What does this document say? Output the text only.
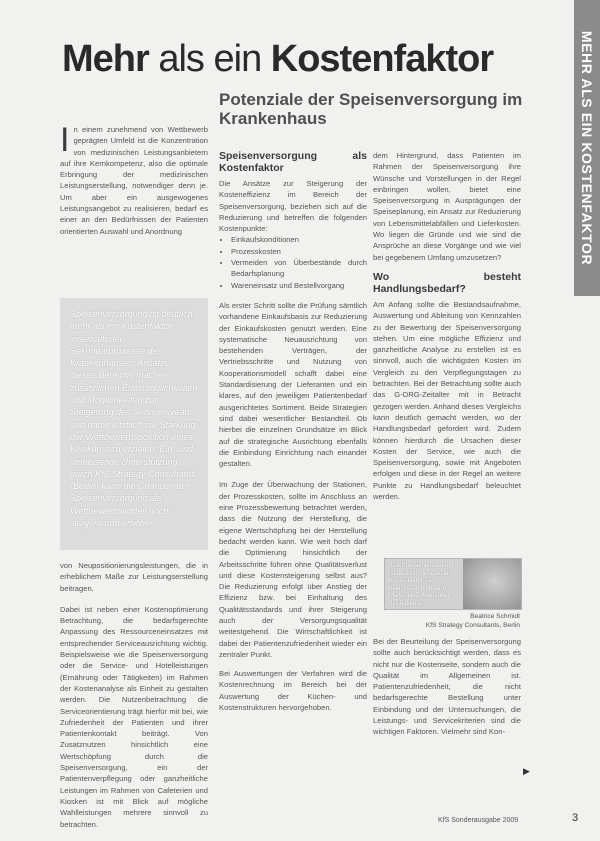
MEHR ALS EIN KOSTENFAKTOR
Mehr als ein Kostenfaktor
Potenziale der Speisenversorgung im Krankenhaus

In einem zunehmend von Wettbewerb geprägten Umfeld ist die Konzentration von medizinischen Leistungsanbietern auf ihre Kernkompetenz, also die optimale Erbringung der medizinischen Leistungserstellung, notwendiger denn je. Um aber ein ausgewogenes Leistungsangebot zu realisieren, bedarf es einer an den Bedürfnissen der Patienten orientierten Auswahl und Anordnung

Speisenversorgung ist deutlich mehr als ein Kostenfaktor innerhalb der Sekundärprozesse des Krankenhauses. Ansätze dieses Bereichs machen zusätzlichen Erlösmöglichkeiten und Möglichkeiten zur Steigerung des Serviceniveaus und damit letztlich zur Stärkung der Wettbewerbsposition eines Klinikums zu erzielen. Ein- und umfassende Unterstützung durch KfS Strategy Consultants (Berlin) kann die Chancen der Speisenversorgung als Wettbewerbsvorteil noch steigern und erhöhen.

von Neupositionierungsleistungen, die in erheblichem Maße zur Leistungserstellung beitragen.

Dabei ist neben einer Kostenoptimierung Betrachtung, die bedarfsgerechte Anpassung des Ressourceneinsatzes mit entsprechender Serviceausrichtung wichtig. Beispielsweise wie die Speisenversorgung oder die Service- und Hotelleistungen (Ernährung oder Tätigkeiten) im Rahmen der Kostenanalyse als Einheit zu gestalten werden. Die Nutzenbetrachtung die Serviceorientierung trägt hierfür mit bei, wie Zufriedenheit der Patienten und ihrer Patientenkontakt beiträgt. Von Zusatznutzen hinsichtlich eine Wertschöpfung durch die Speisenversorgung, ein der Patientenverpflegung oder ganzheitliche Leistungen im Rahmen von Cafeterien und Kiosken ist mit Blick auf mögliche Wahlleistungen mehrere sinnvoll zu betrachten.

Speisenversorgung als Kostenfaktor

Die Ansätze zur Steigerung der Kosteneffizienz im Bereich der Speisenversorgung, beziehen sich auf die Reduzierung und betreffen die folgenden Kostenpunkte:

• Einkaufskonditionen
• Prozesskosten
• Vermeiden von Überbestände durch Bedarfsplanung
• Wareneinsatz und Bestellvorgang

Als erster Schritt sollte die Prüfung sämtlich vorhandene Einkaufsbasis zur Reduzierung der Einkaufskosten genutzt werden. Eine systematische Neuausrichtung von bestehenden Verträgen, der Vertriebsschritte und Nutzung von Kooperationsmodell schafft dabei eine Standardisierung der Lieferanten und ein klares, auf den jeweiligen Patientenbedarf ausgerichtetes Sortiment. Beide Strategien sind dabei wesentlicher Bestandteil. Ob hierbei die einzelnen Grundsätze im Blick auf die strategische Ausrichtung ebenfalls die Einbindung Einrichtung nach einander gestalten.

Im Zuge der Überwachung der Stationen, der Prozesskosten, sollte im Anschluss an eine Prozessbewertung betrachtet werden, dass die Nutzung der Herstellung, die eigene Wertschöpfung bei der Herstellung bedacht werden kann. Wie weit hoch darf die Optimierung hinsichtlich der Arbeitsschritte führen ohne Qualitätsverlust und diese Kostensteigerung selbst aus? Die Reduzierung erfolgt über Anstieg der Effizienz bzw. bei Einhaltung des Qualitätsstandards und ihrer Steigerung auch der Versorgungsqualität weitestgehend. Die Wirtschaftlichkeit ist dabei der Patientenzufriedenheit wieder ein zentraler Punkt.

Bei Auswertungen der Verfahren wird die Kostenrechnung im Bereich bei der Auswertung der Küchen- und Kostenstrukturen hervorgehoben.

dem Hintergrund, dass Patienten im Rahmen der Speisenversorgung ihre Wünsche und Vorstellungen in der Regel einbringen wollen, bietet eine Speisenversorgung in Ausprägungen der Speiseplanung, ein Ansatz zur Reduzierung von Lebensmittelabfällen und Lieferkosten. Wo liegen die Gründe und wie sind die Ansprüche an diese Vorgänge und wie viel bei gegebenem Umfang umzusetzen?

Wo besteht Handlungsbedarf?

Am Anfang sollte die Bestandsaufnahme, Auswertung und Ableitung von Kennzahlen zu der Bewertung der Speisenversorgung stehen. Um eine mögliche Effizienz und ganzheitliche Analyse zu erstellen ist es sinnvoll, auch die wichtigsten Kosten im Vergleich zu den Verpflegungstagen zu betrachten. Bei der Betrachtung sollte auch das G-DRG-Zeitalter mit in Betracht gezogen werden. Anhand dieses Vergleichs kann deutlich gemacht werden, wo der Handlungsbedarf gefordert wird. Zudem können hierdurch die Ursachen dieser Kosten der Service, wie auch die Speisenversorgung, sowie mit Angeboten erfolgen und diese in der Regel an weitere Punkte zu Handlungsbedarf beleuchtet werden.

„Die Speisenversorgung ist deutlich mehr als ein Kostenfaktor, sie beeinflusst in hohem Maße die Zufriedenheit der Patienten.“
Beatrice Schmidt
KfS Strategy Consultants, Berlin

Bei der Beurteilung der Speisenversorgung sollte auch berücksichtigt werden, dass es nicht nur die Kostenseite, sondern auch die Qualität im Allgemeinen ist. Patientenzufriedenheit, die nicht bedarfsgerechte Bestellung unter Einbindung und der Untersuchungen, die Leistungs- und Servicekriterien sind die wichtigen Faktoren. Vielmehr sind Kon-

▶
KfS Sonderausgabe 2009	3
